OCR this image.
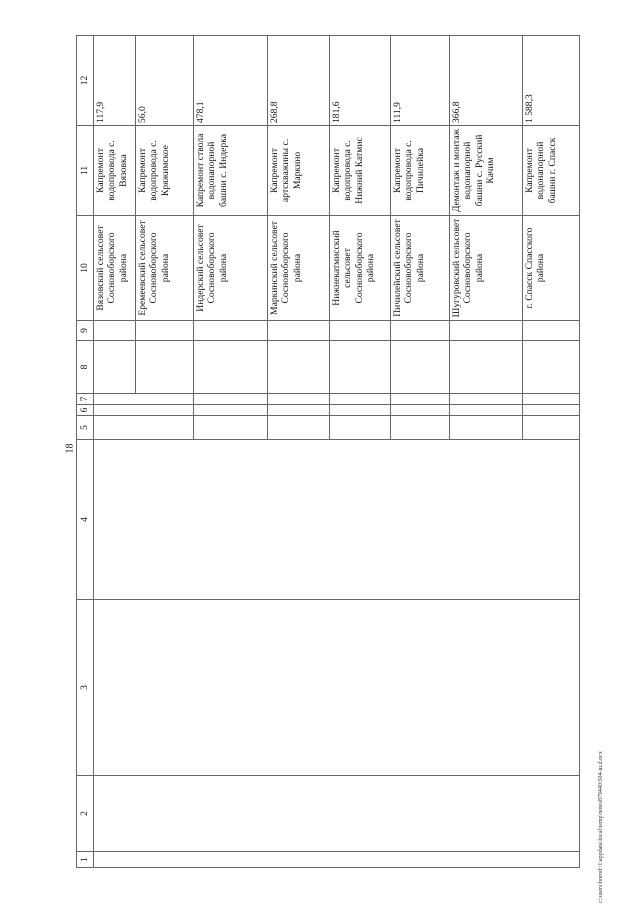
18
c:\users\borod~1\appdata\local\temp\notes879440\504-ш.d.ocx
1	2	3	4	5	6	7	8	9	10	11	12
									Вязовский сельсовет Сосновоборского района	Капремонт водопровода с. Вязовка	117,9
									Еремеевский сельсовет Сосновоборского района	Капремонт водопровода с. Кряжимское	56,0
									Индерский сельсовет Сосновоборского района	Капремонт ствола водонапорной башни с. Индерка	478,1
									Маркинский сельсовет Сосновоборского района	Капремонт артскважины с. Маркино	268,8
									Нижнекатмисский сельсовет Сосновоборского района	Капремонт водопровода с. Нижний Катмис	181,6
									Пичилейский сельсовет Сосновоборского района	Капремонт водопровода с. Пичилейка	111,9
									Шугуровский сельсовет Сосновоборского района	Демонтаж и монтаж водонапорной башни с. Русский Качим	366,8
									г. Спасск Спасского района	Капремонт водонапорной башни г. Спасск	1 588,3
